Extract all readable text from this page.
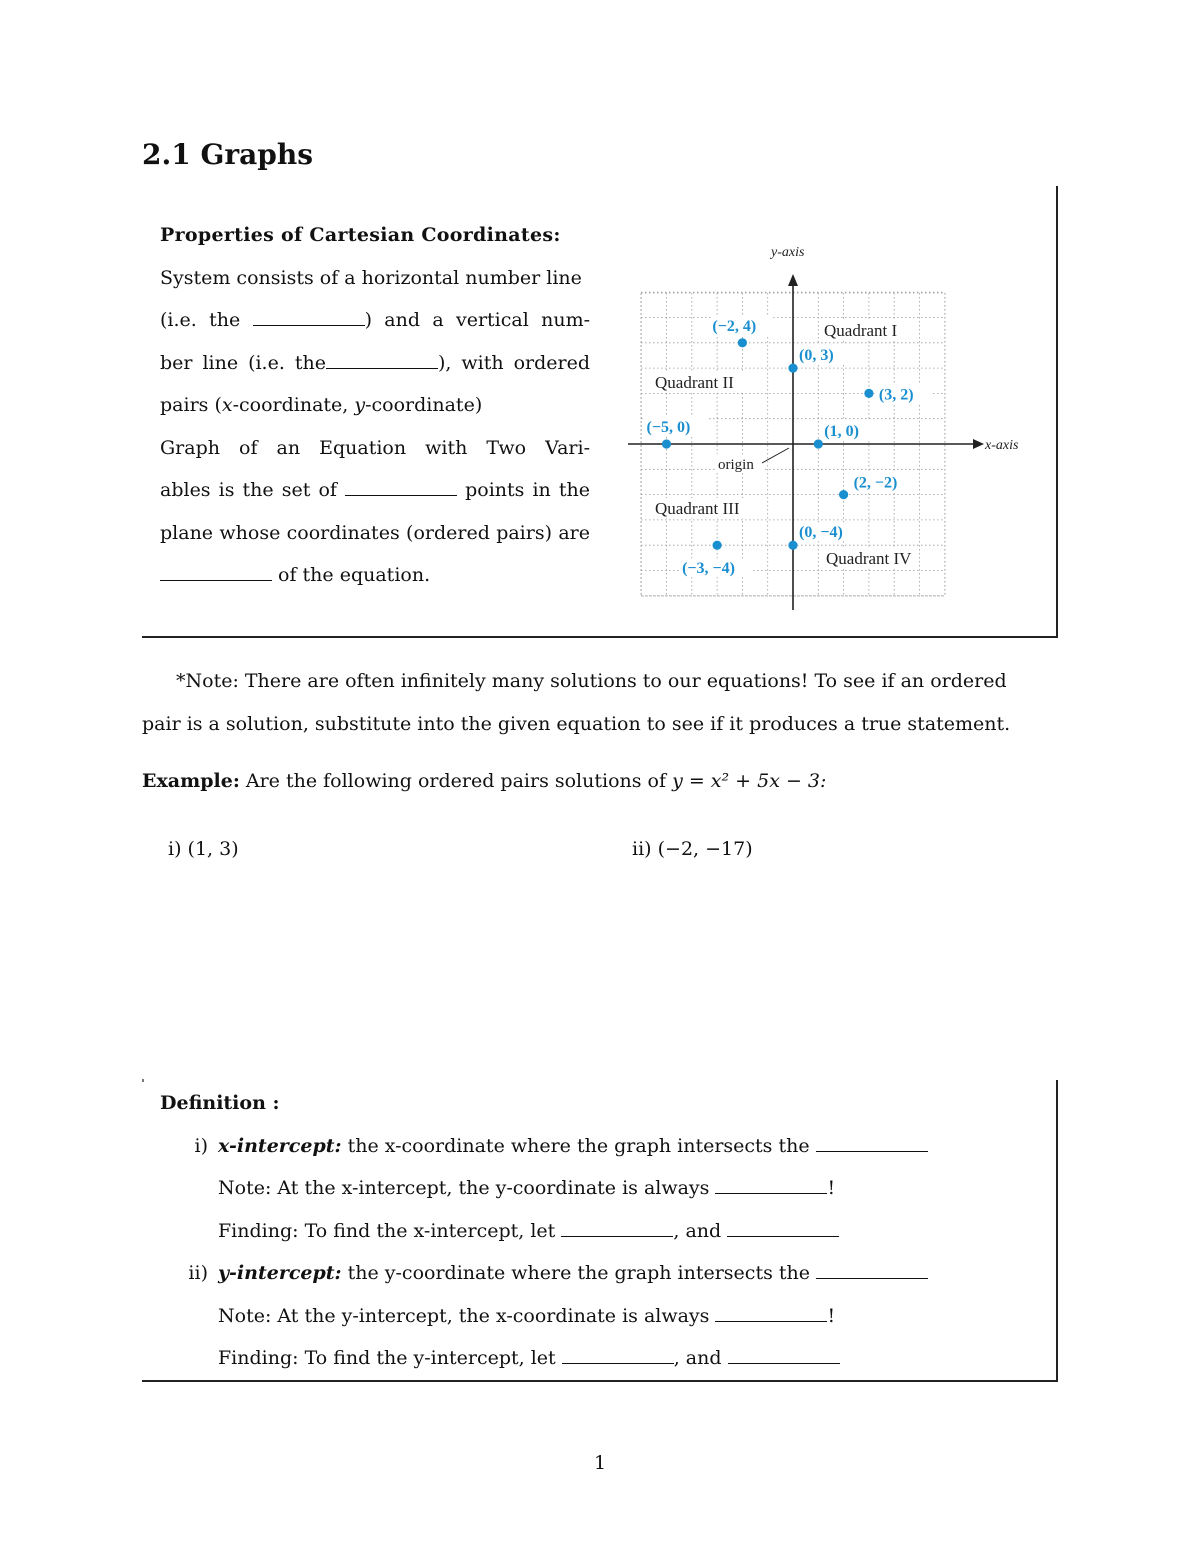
2.1 Graphs
Properties of Cartesian Coordinates:
System consists of a horizontal number line
(i.e. the	) and a vertical num-
ber line (i.e. the	), with ordered
pairs (x-coordinate, y-coordinate)
Graph of an Equation with Two Vari-
ables is the set of	points in the
plane whose coordinates (ordered pairs) are
of the equation.
y-axis
x-axis
origin
Quadrant I
Quadrant II
Quadrant III
Quadrant IV
(−2, 4)
(0, 3)
(3, 2)
(−5, 0)	(1, 0)
(2, −2)
(0, −4)
(−3, −4)

*Note: There are often infinitely many solutions to our equations! To see if an ordered

pair is a solution, substitute into the given equation to see if it produces a true statement.

Example: Are the following ordered pairs solutions of y = x² + 5x − 3:
i) (1, 3)	ii) (−2, −17)
Definition :
i) x-intercept: the x-coordinate where the graph intersects the
Note: At the x-intercept, the y-coordinate is always	!
Finding: To find the x-intercept, let	, and
ii) y-intercept: the y-coordinate where the graph intersects the
Note: At the y-intercept, the x-coordinate is always	!
Finding: To find the y-intercept, let	, and
1
